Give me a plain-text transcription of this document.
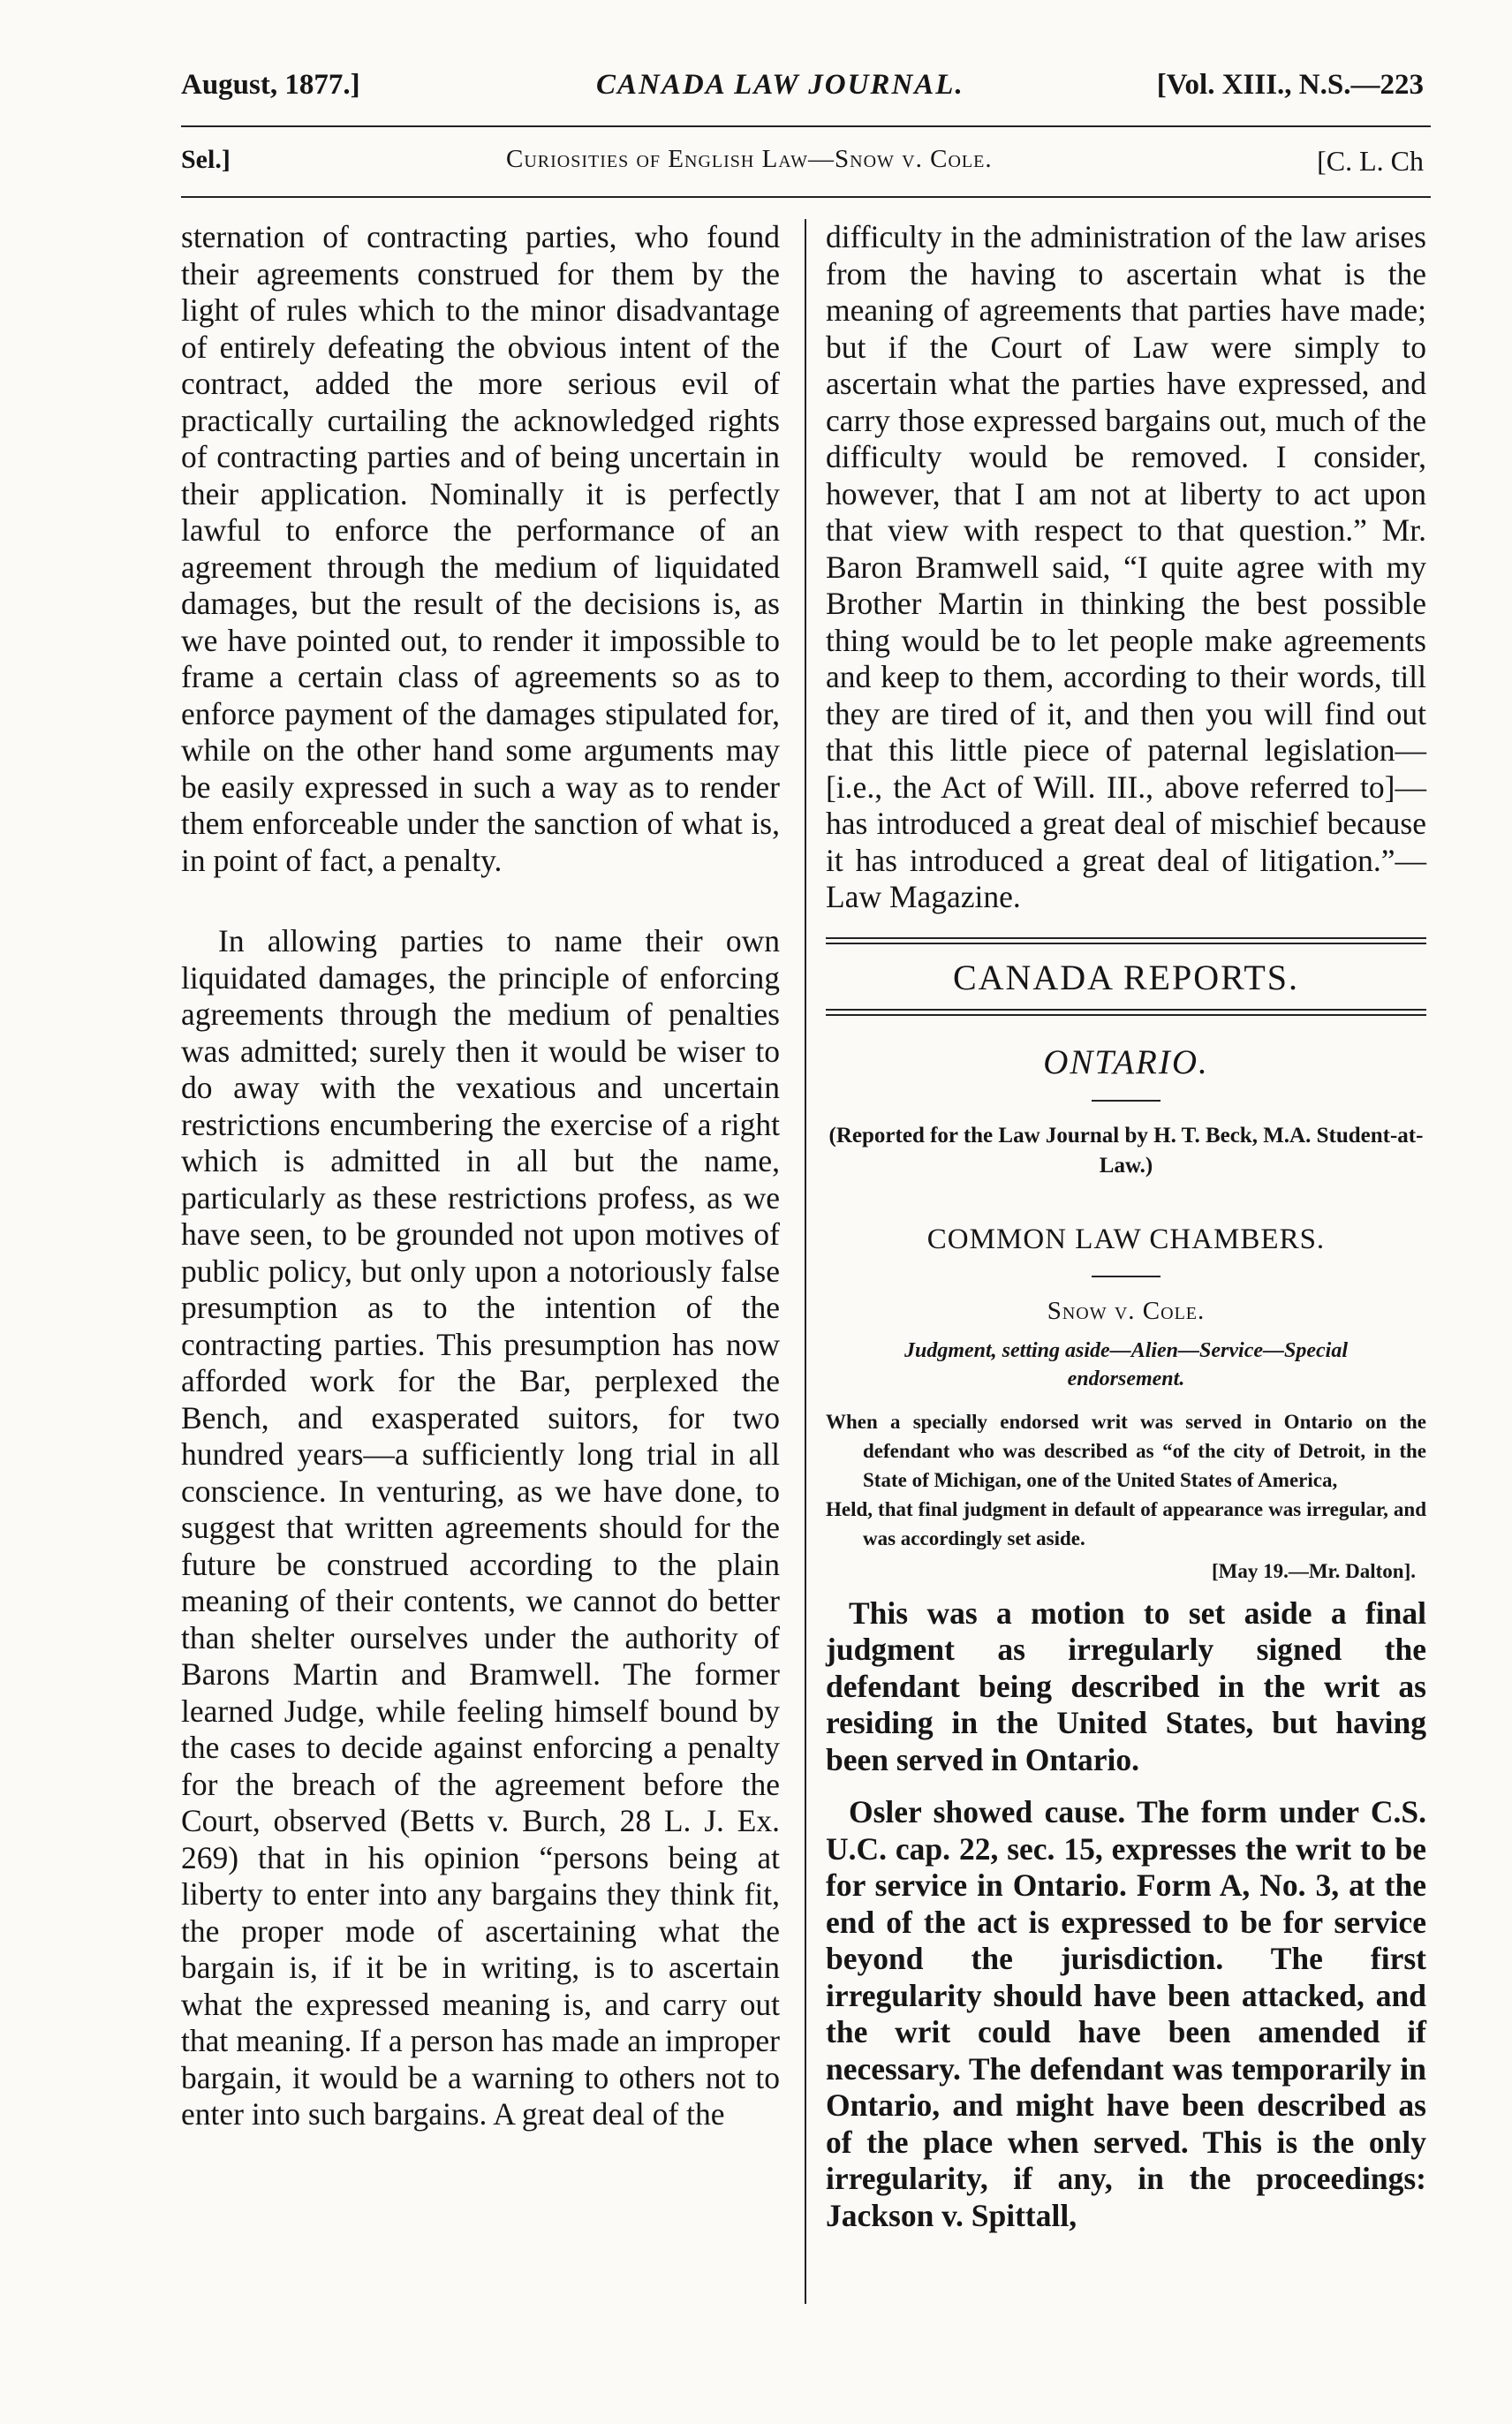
August, 1877.]	CANADA LAW JOURNAL.	[Vol. XIII., N.S.—223
Sel.]	Curiosities of English Law—Snow v. Cole.	[C. L. Ch

sternation of contracting parties, who found their agreements construed for them by the light of rules which to the minor disadvantage of entirely defeating the obvious intent of the contract, added the more serious evil of practically curtailing the acknowledged rights of contracting parties and of being uncertain in their application. Nominally it is perfectly lawful to enforce the performance of an agreement through the medium of liquidated damages, but the result of the decisions is, as we have pointed out, to render it impossible to frame a certain class of agreements so as to enforce payment of the damages stipulated for, while on the other hand some arguments may be easily expressed in such a way as to render them enforceable under the sanction of what is, in point of fact, a penalty.

In allowing parties to name their own liquidated damages, the principle of enforcing agreements through the medium of penalties was admitted; surely then it would be wiser to do away with the vexatious and uncertain restrictions encumbering the exercise of a right which is admitted in all but the name, particularly as these restrictions profess, as we have seen, to be grounded not upon motives of public policy, but only upon a notoriously false presumption as to the intention of the contracting parties. This presumption has now afforded work for the Bar, perplexed the Bench, and exasperated suitors, for two hundred years—a sufficiently long trial in all conscience. In venturing, as we have done, to suggest that written agreements should for the future be construed according to the plain meaning of their contents, we cannot do better than shelter ourselves under the authority of Barons Martin and Bramwell. The former learned Judge, while feeling himself bound by the cases to decide against enforcing a penalty for the breach of the agreement before the Court, observed (Betts v. Burch, 28 L. J. Ex. 269) that in his opinion “persons being at liberty to enter into any bargains they think fit, the proper mode of ascertaining what the bargain is, if it be in writing, is to ascertain what the expressed meaning is, and carry out that meaning. If a person has made an improper bargain, it would be a warning to others not to enter into such bargains. A great deal of the

difficulty in the administration of the law arises from the having to ascertain what is the meaning of agreements that parties have made; but if the Court of Law were simply to ascertain what the parties have expressed, and carry those expressed bargains out, much of the difficulty would be removed. I consider, however, that I am not at liberty to act upon that view with respect to that question.” Mr. Baron Bramwell said, “I quite agree with my Brother Martin in thinking the best possible thing would be to let people make agreements and keep to them, according to their words, till they are tired of it, and then you will find out that this little piece of paternal legislation—[i.e., the Act of Will. III., above referred to]—has introduced a great deal of mischief because it has introduced a great deal of litigation.”—Law Magazine.

CANADA REPORTS.
ONTARIO.
(Reported for the Law Journal by H. T. Beck, M.A. Student-at-Law.)
COMMON LAW CHAMBERS.
Snow v. Cole.
Judgment, setting aside—Alien—Service—Special endorsement.

When a specially endorsed writ was served in Ontario on the defendant who was described as “of the city of Detroit, in the State of Michigan, one of the United States of America,

Held, that final judgment in default of appearance was irregular, and was accordingly set aside.

[May 19.—Mr. Dalton].

This was a motion to set aside a final judgment as irregularly signed the defendant being described in the writ as residing in the United States, but having been served in Ontario.

Osler showed cause. The form under C.S. U.C. cap. 22, sec. 15, expresses the writ to be for service in Ontario. Form A, No. 3, at the end of the act is expressed to be for service beyond the jurisdiction. The first irregularity should have been attacked, and the writ could have been amended if necessary. The defendant was temporarily in Ontario, and might have been described as of the place when served. This is the only irregularity, if any, in the proceedings: Jackson v. Spittall,
